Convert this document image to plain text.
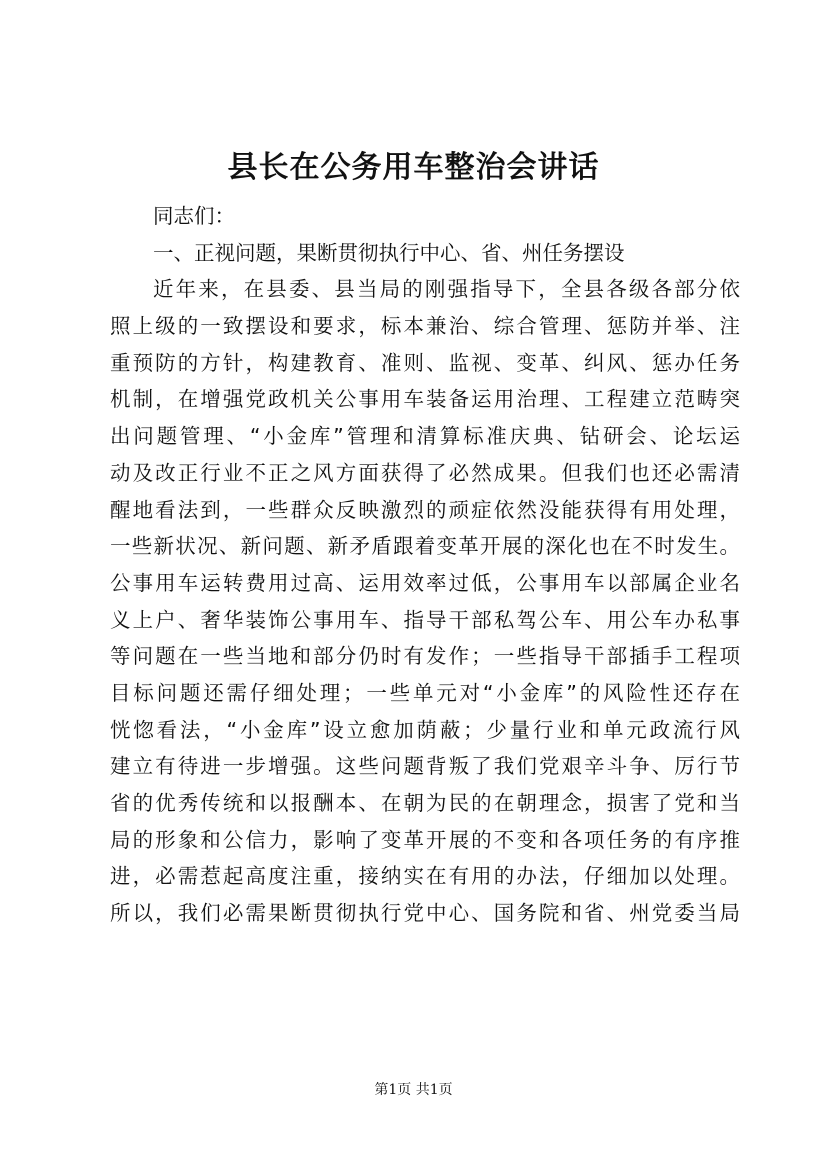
县长在公务用车整治会讲话
同志们：
一、正视问题，果断贯彻执行中心、省、州任务摆设
近年来，在县委、县当局的刚强指导下，全县各级各部分依
照上级的一致摆设和要求，标本兼治、综合管理、惩防并举、注
重预防的方针，构建教育、准则、监视、变革、纠风、惩办任务
机制，在增强党政机关公事用车装备运用治理、工程建立范畴突
出问题管理、“小金库”管理和清算标准庆典、钻研会、论坛运
动及改正行业不正之风方面获得了必然成果。但我们也还必需清
醒地看法到，一些群众反映激烈的顽症依然没能获得有用处理，
一些新状况、新问题、新矛盾跟着变革开展的深化也在不时发生。
公事用车运转费用过高、运用效率过低，公事用车以部属企业名
义上户、奢华装饰公事用车、指导干部私驾公车、用公车办私事
等问题在一些当地和部分仍时有发作；一些指导干部插手工程项
目标问题还需仔细处理；一些单元对“小金库”的风险性还存在
恍惚看法，“小金库”设立愈加荫蔽；少量行业和单元政流行风
建立有待进一步增强。这些问题背叛了我们党艰辛斗争、厉行节
省的优秀传统和以报酬本、在朝为民的在朝理念，损害了党和当
局的形象和公信力，影响了变革开展的不变和各项任务的有序推
进，必需惹起高度注重，接纳实在有用的办法，仔细加以处理。
所以，我们必需果断贯彻执行党中心、国务院和省、州党委当局
第1页 共1页
